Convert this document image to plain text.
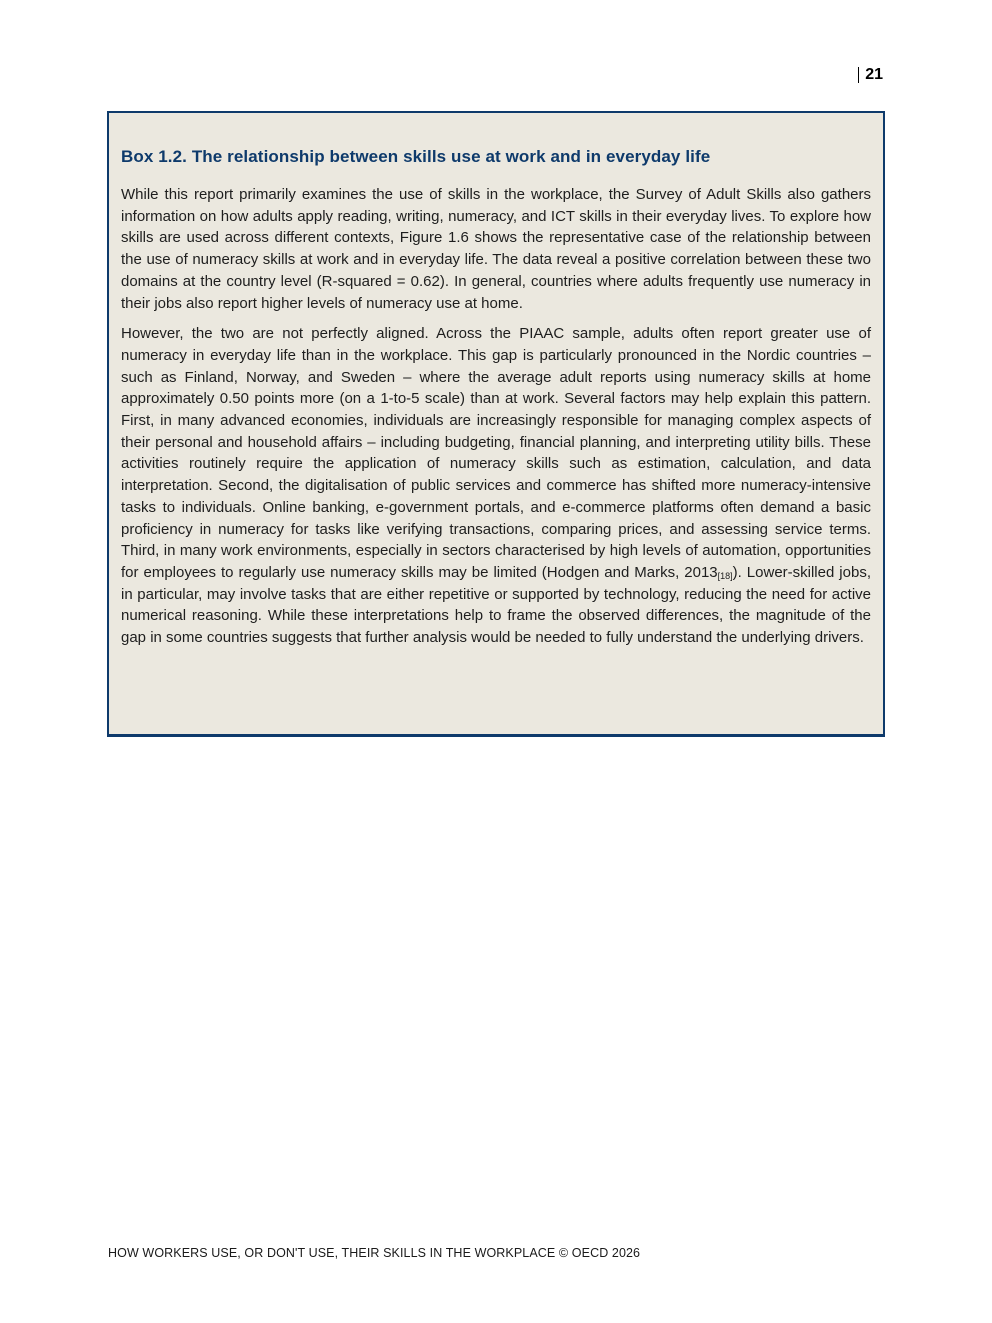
21
Box 1.2. The relationship between skills use at work and in everyday life

While this report primarily examines the use of skills in the workplace, the Survey of Adult Skills also gathers information on how adults apply reading, writing, numeracy, and ICT skills in their everyday lives. To explore how skills are used across different contexts, Figure 1.6 shows the representative case of the relationship between the use of numeracy skills at work and in everyday life. The data reveal a positive correlation between these two domains at the country level (R-squared = 0.62). In general, countries where adults frequently use numeracy in their jobs also report higher levels of numeracy use at home.

However, the two are not perfectly aligned. Across the PIAAC sample, adults often report greater use of numeracy in everyday life than in the workplace. This gap is particularly pronounced in the Nordic countries – such as Finland, Norway, and Sweden – where the average adult reports using numeracy skills at home approximately 0.50 points more (on a 1-to-5 scale) than at work. Several factors may help explain this pattern. First, in many advanced economies, individuals are increasingly responsible for managing complex aspects of their personal and household affairs – including budgeting, financial planning, and interpreting utility bills. These activities routinely require the application of numeracy skills such as estimation, calculation, and data interpretation. Second, the digitalisation of public services and commerce has shifted more numeracy-intensive tasks to individuals. Online banking, e-government portals, and e-commerce platforms often demand a basic proficiency in numeracy for tasks like verifying transactions, comparing prices, and assessing service terms. Third, in many work environments, especially in sectors characterised by high levels of automation, opportunities for employees to regularly use numeracy skills may be limited (Hodgen and Marks, $2013_{[18]}$). Lower-skilled jobs, in particular, may involve tasks that are either repetitive or supported by technology, reducing the need for active numerical reasoning. While these interpretations help to frame the observed differences, the magnitude of the gap in some countries suggests that further analysis would be needed to fully understand the underlying drivers.

HOW WORKERS USE, OR DON'T USE, THEIR SKILLS IN THE WORKPLACE © OECD 2026
